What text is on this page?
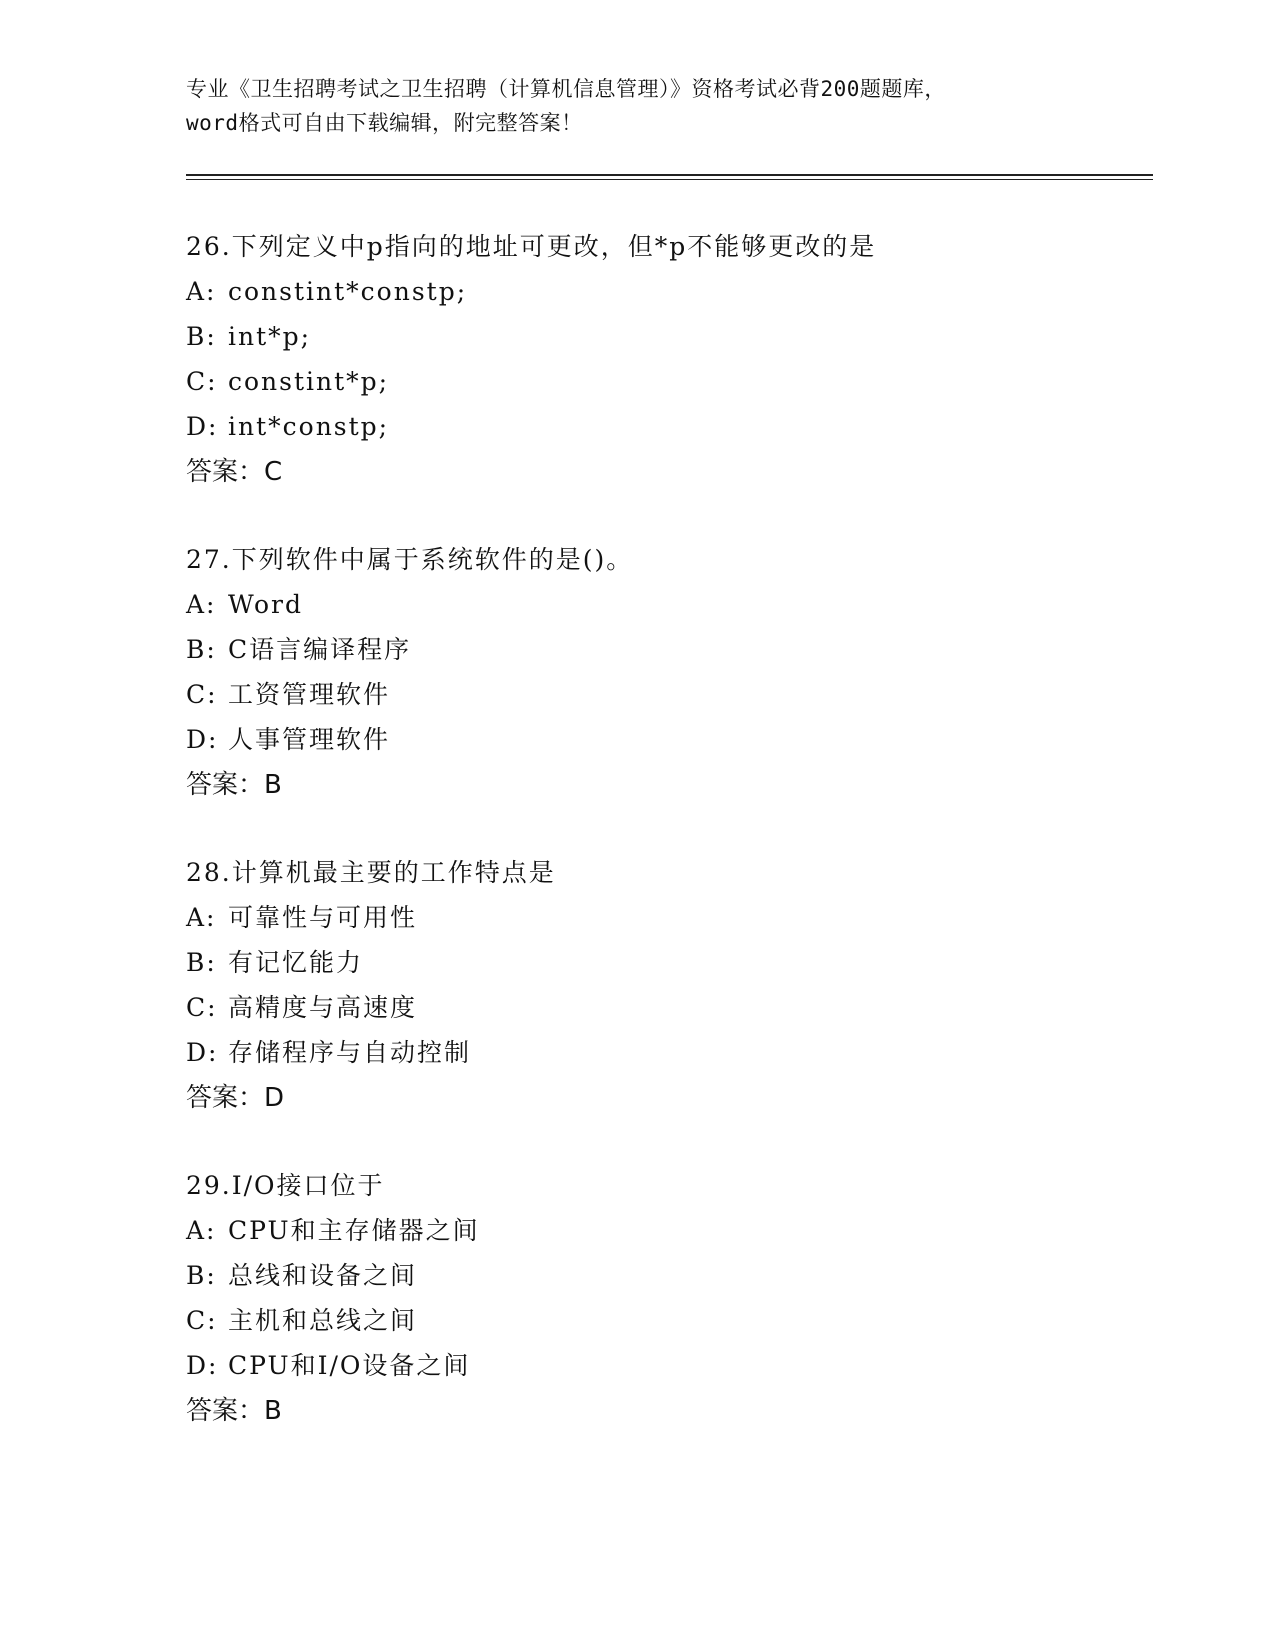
专业《卫生招聘考试之卫生招聘（计算机信息管理）》资格考试必背200题题库，
word格式可自由下载编辑，附完整答案！
26.下列定义中p指向的地址可更改，但*p不能够更改的是
A: constint*constp;
B: int*p;
C: constint*p;
D: int*constp;
答案：C
27.下列软件中属于系统软件的是()。
A: Word
B: C语言编译程序
C: 工资管理软件
D: 人事管理软件
答案：B
28.计算机最主要的工作特点是
A: 可靠性与可用性
B: 有记忆能力
C: 高精度与高速度
D: 存储程序与自动控制
答案：D
29.I/O接口位于
A: CPU和主存储器之间
B: 总线和设备之间
C: 主机和总线之间
D: CPU和I/O设备之间
答案：B
